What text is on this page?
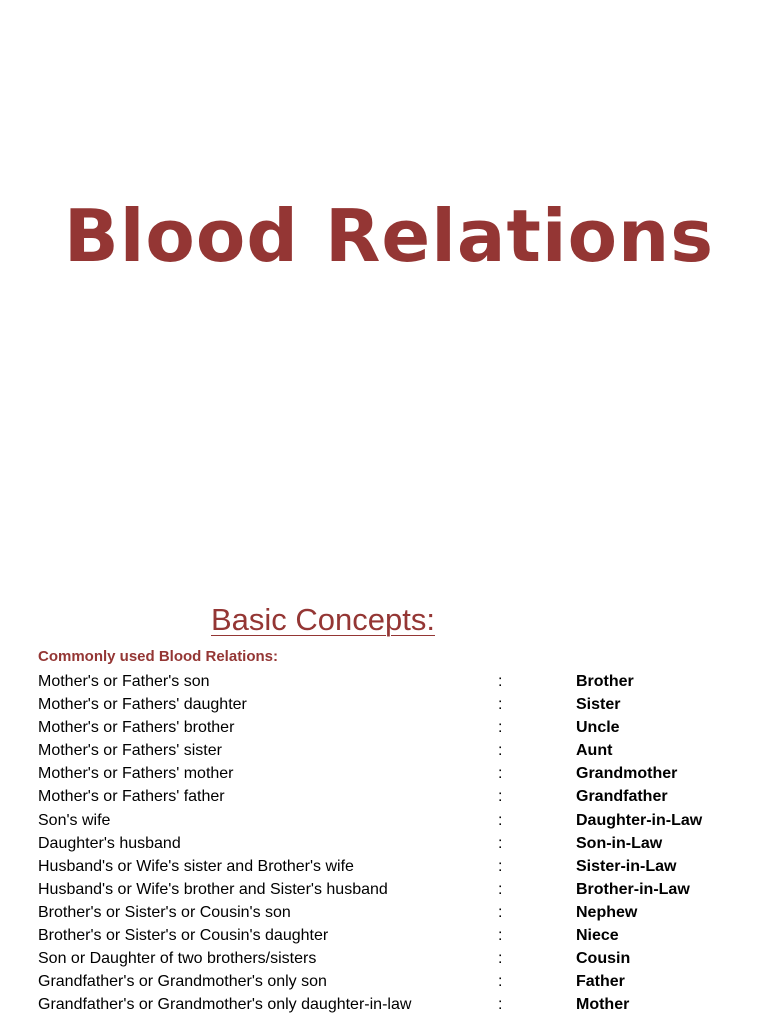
Blood Relations
Basic Concepts:
Commonly used Blood Relations:
Mother's or Father's son	:	Brother
Mother's or Fathers' daughter	:	Sister
Mother's or Fathers' brother	:	Uncle
Mother's or Fathers' sister	:	Aunt
Mother's or Fathers' mother	:	Grandmother
Mother's or Fathers' father	:	Grandfather
Son's wife	:	Daughter-in-Law
Daughter's husband	:	Son-in-Law
Husband's or Wife's sister and Brother's wife	:	Sister-in-Law
Husband's or Wife's brother and Sister's husband	:	Brother-in-Law
Brother's or Sister's or Cousin's son	:	Nephew
Brother's or Sister's or Cousin's daughter	:	Niece
Son or Daughter of two brothers/sisters	:	Cousin
Grandfather's or Grandmother's only son	:	Father
Grandfather's or Grandmother's only daughter-in-law	:	Mother
